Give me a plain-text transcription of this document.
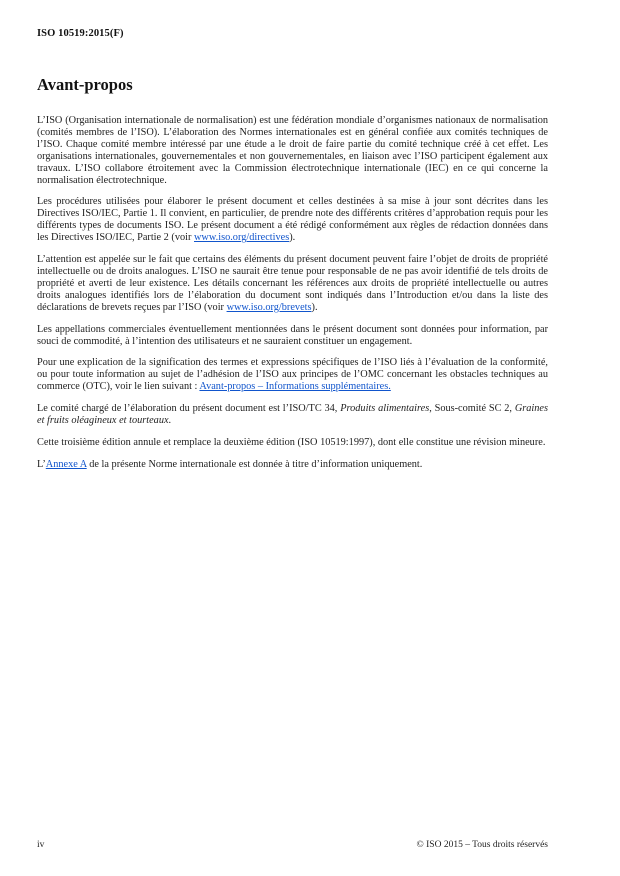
ISO 10519:2015(F)
Avant-propos

L’ISO (Organisation internationale de normalisation) est une fédération mondiale d’organismes nationaux de normalisation (comités membres de l’ISO). L’élaboration des Normes internationales est en général confiée aux comités techniques de l’ISO. Chaque comité membre intéressé par une étude a le droit de faire partie du comité technique créé à cet effet. Les organisations internationales, gouvernementales et non gouvernementales, en liaison avec l’ISO participent également aux travaux. L’ISO collabore étroitement avec la Commission électrotechnique internationale (IEC) en ce qui concerne la normalisation électrotechnique.

Les procédures utilisées pour élaborer le présent document et celles destinées à sa mise à jour sont décrites dans les Directives ISO/IEC, Partie 1. Il convient, en particulier, de prendre note des différents critères d’approbation requis pour les différents types de documents ISO. Le présent document a été rédigé conformément aux règles de rédaction données dans les Directives ISO/IEC, Partie 2 (voir www.iso.org/directives).

L’attention est appelée sur le fait que certains des éléments du présent document peuvent faire l’objet de droits de propriété intellectuelle ou de droits analogues. L’ISO ne saurait être tenue pour responsable de ne pas avoir identifié de tels droits de propriété et averti de leur existence. Les détails concernant les références aux droits de propriété intellectuelle ou autres droits analogues identifiés lors de l’élaboration du document sont indiqués dans l’Introduction et/ou dans la liste des déclarations de brevets reçues par l’ISO (voir www.iso.org/brevets).

Les appellations commerciales éventuellement mentionnées dans le présent document sont données pour information, par souci de commodité, à l’intention des utilisateurs et ne sauraient constituer un engagement.

Pour une explication de la signification des termes et expressions spécifiques de l’ISO liés à l’évaluation de la conformité, ou pour toute information au sujet de l’adhésion de l’ISO aux principes de l’OMC concernant les obstacles techniques au commerce (OTC), voir le lien suivant : Avant-propos – Informations supplémentaires.

Le comité chargé de l’élaboration du présent document est l’ISO/TC 34, Produits alimentaires, Sous-comité SC 2, Graines et fruits oléagineux et tourteaux.

Cette troisième édition annule et remplace la deuxième édition (ISO 10519:1997), dont elle constitue une révision mineure.

L’Annexe A de la présente Norme internationale est donnée à titre d’information uniquement.

iv	© ISO 2015 – Tous droits réservés
